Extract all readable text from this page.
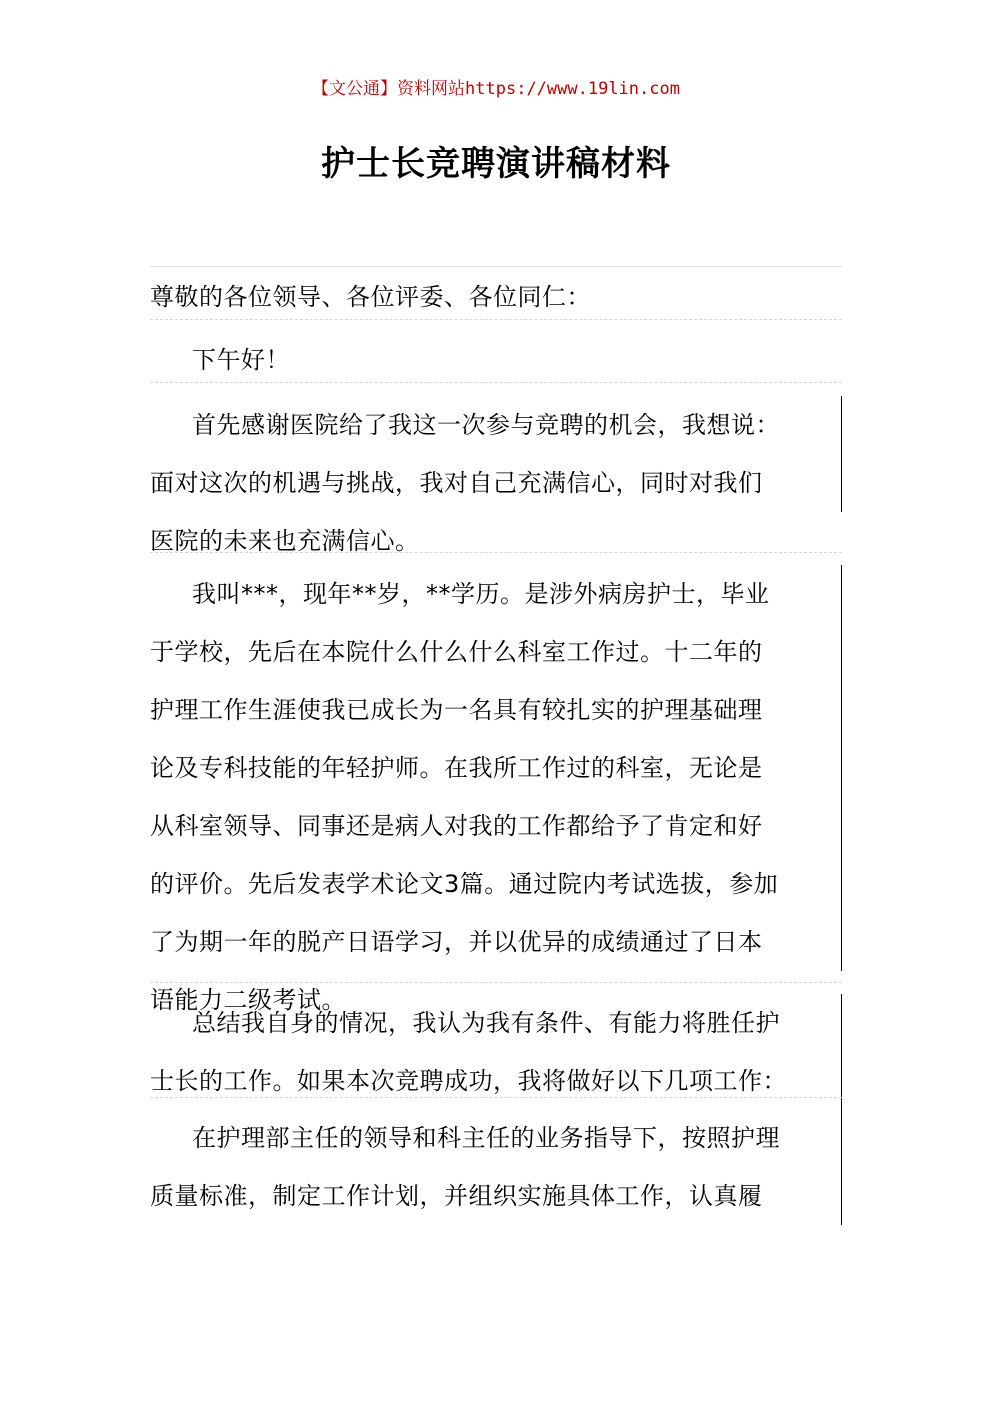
【文公通】资料网站https://www.19lin.com
护士长竞聘演讲稿材料
尊敬的各位领导、各位评委、各位同仁：
下午好！
首先感谢医院给了我这一次参与竞聘的机会，我想说：
面对这次的机遇与挑战，我对自己充满信心，同时对我们
医院的未来也充满信心。
我叫***，现年**岁，**学历。是涉外病房护士，毕业
于学校，先后在本院什么什么什么科室工作过。十二年的
护理工作生涯使我已成长为一名具有较扎实的护理基础理
论及专科技能的年轻护师。在我所工作过的科室，无论是
从科室领导、同事还是病人对我的工作都给予了肯定和好
的评价。先后发表学术论文3篇。通过院内考试选拔，参加
了为期一年的脱产日语学习，并以优异的成绩通过了日本
语能力二级考试。
总结我自身的情况，我认为我有条件、有能力将胜任护
士长的工作。如果本次竞聘成功，我将做好以下几项工作：
在护理部主任的领导和科主任的业务指导下，按照护理
质量标准，制定工作计划，并组织实施具体工作，认真履
